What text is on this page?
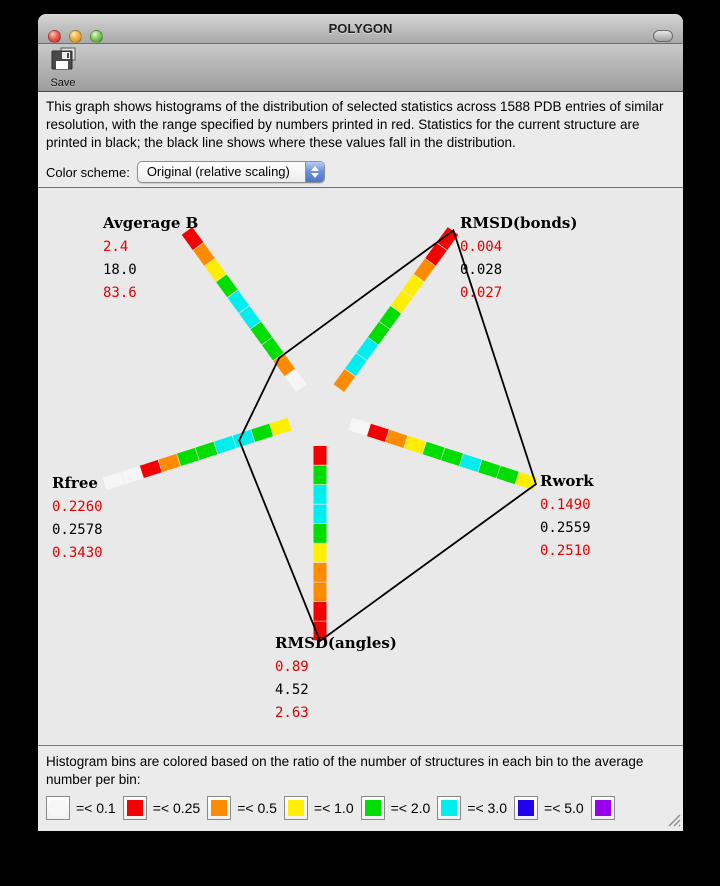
POLYGON
Save
This graph shows histograms of the distribution of selected statistics across 1588 PDB entries of similar resolution, with the range specified by numbers printed in red. Statistics for the current structure are printed in black; the black line shows where these values fall in the distribution.
Color scheme:	Original (relative scaling)
Avgerage B
2.4
18.0
83.6
RMSD(bonds)
0.004
0.028
0.027
Rwork
0.1490
0.2559
0.2510
RMSD(angles)
0.89
4.52
2.63
Rfree
0.2260
0.2578
0.3430
Histogram bins are colored based on the ratio of the number of structures in each bin to the average number per bin:
=< 0.1	=< 0.25	=< 0.5	=< 1.0	=< 2.0	=< 3.0	=< 5.0
